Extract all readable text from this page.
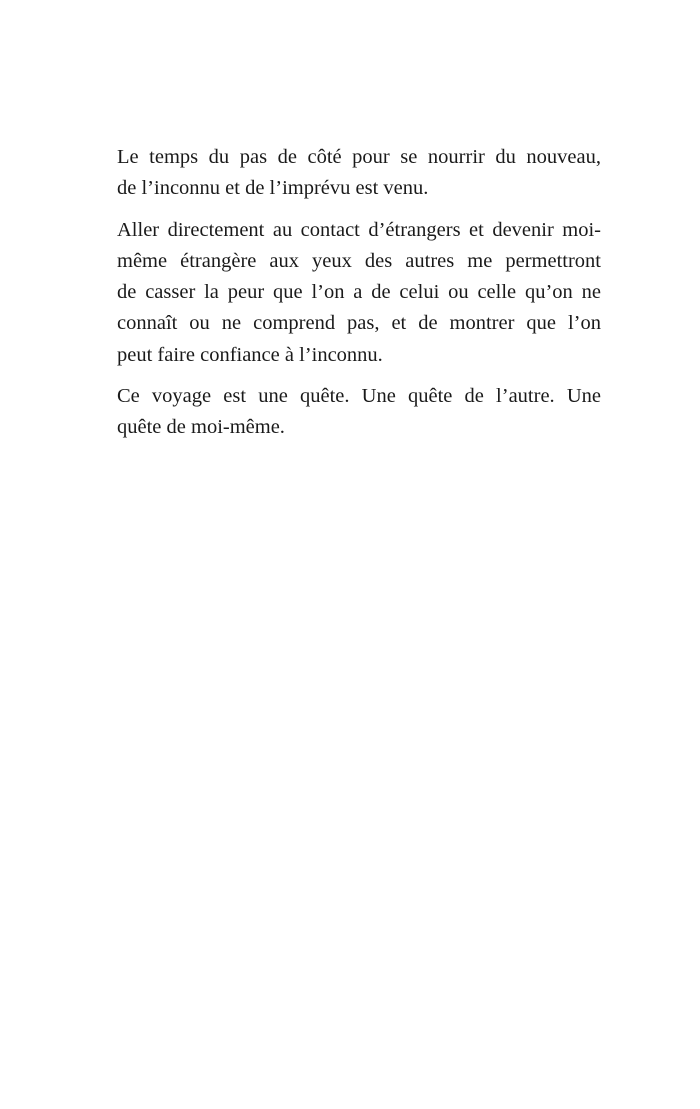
Le temps du pas de côté pour se nourrir du nouveau,
de l’inconnu et de l’imprévu est venu.
Aller directement au contact d’étrangers et devenir moi-
même étrangère aux yeux des autres me permettront
de casser la peur que l’on a de celui ou celle qu’on ne
connaît ou ne comprend pas, et de montrer que l’on
peut faire confiance à l’inconnu.
Ce voyage est une quête. Une quête de l’autre. Une
quête de moi-même.
